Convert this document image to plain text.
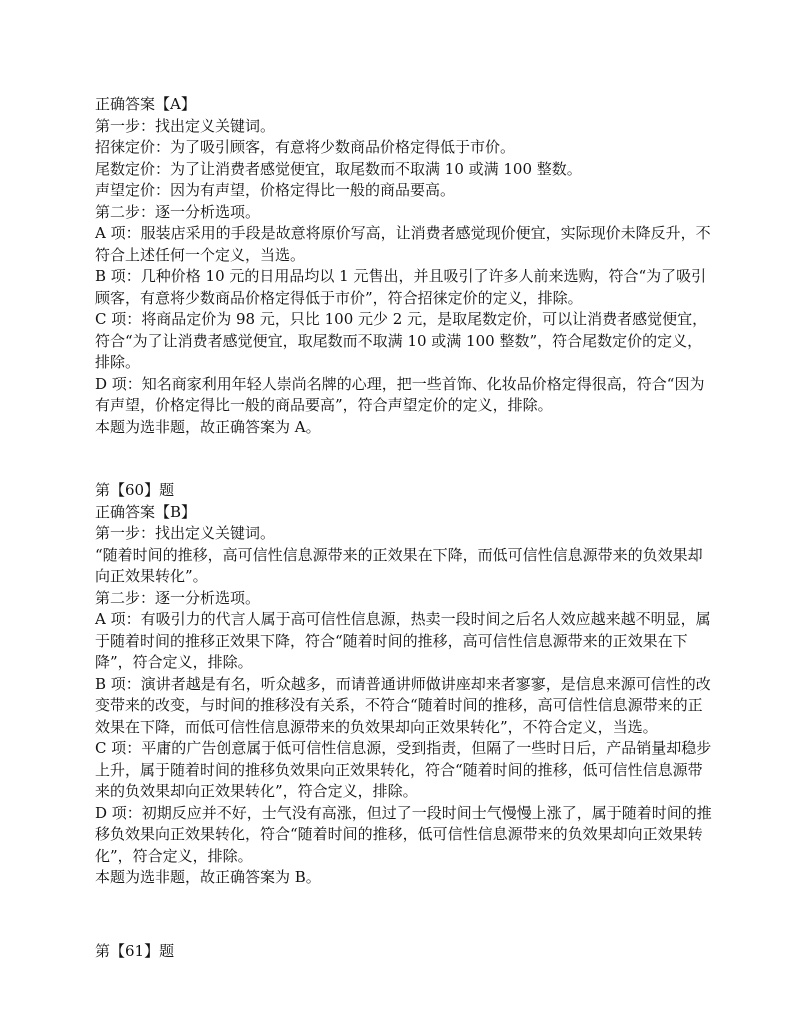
正确答案【A】
第一步：找出定义关键词。
招徕定价：为了吸引顾客，有意将少数商品价格定得低于市价。
尾数定价：为了让消费者感觉便宜，取尾数而不取满 10 或满 100 整数。
声望定价：因为有声望，价格定得比一般的商品要高。
第二步：逐一分析选项。

A 项：服装店采用的手段是故意将原价写高，让消费者感觉现价便宜，实际现价未降反升，不符合上述任何一个定义，当选。

B 项：几种价格 10 元的日用品均以 1 元售出，并且吸引了许多人前来选购，符合“为了吸引顾客，有意将少数商品价格定得低于市价”，符合招徕定价的定义，排除。

C 项：将商品定价为 98 元，只比 100 元少 2 元，是取尾数定价，可以让消费者感觉便宜，符合“为了让消费者感觉便宜，取尾数而不取满 10 或满 100 整数”，符合尾数定价的定义，排除。

D 项：知名商家利用年轻人崇尚名牌的心理，把一些首饰、化妆品价格定得很高，符合“因为有声望，价格定得比一般的商品要高”，符合声望定价的定义，排除。

本题为选非题，故正确答案为 A。
第【60】题
正确答案【B】
第一步：找出定义关键词。

“随着时间的推移，高可信性信息源带来的正效果在下降，而低可信性信息源带来的负效果却向正效果转化”。

第二步：逐一分析选项。

A 项：有吸引力的代言人属于高可信性信息源，热卖一段时间之后名人效应越来越不明显，属于随着时间的推移正效果下降，符合“随着时间的推移，高可信性信息源带来的正效果在下降”，符合定义，排除。

B 项：演讲者越是有名，听众越多，而请普通讲师做讲座却来者寥寥，是信息来源可信性的改变带来的改变，与时间的推移没有关系，不符合“随着时间的推移，高可信性信息源带来的正效果在下降，而低可信性信息源带来的负效果却向正效果转化”，不符合定义，当选。

C 项：平庸的广告创意属于低可信性信息源，受到指责，但隔了一些时日后，产品销量却稳步上升，属于随着时间的推移负效果向正效果转化，符合“随着时间的推移，低可信性信息源带来的负效果却向正效果转化”，符合定义，排除。

D 项：初期反应并不好，士气没有高涨，但过了一段时间士气慢慢上涨了，属于随着时间的推移负效果向正效果转化，符合“随着时间的推移，低可信性信息源带来的负效果却向正效果转化”，符合定义，排除。

本题为选非题，故正确答案为 B。
第【61】题
